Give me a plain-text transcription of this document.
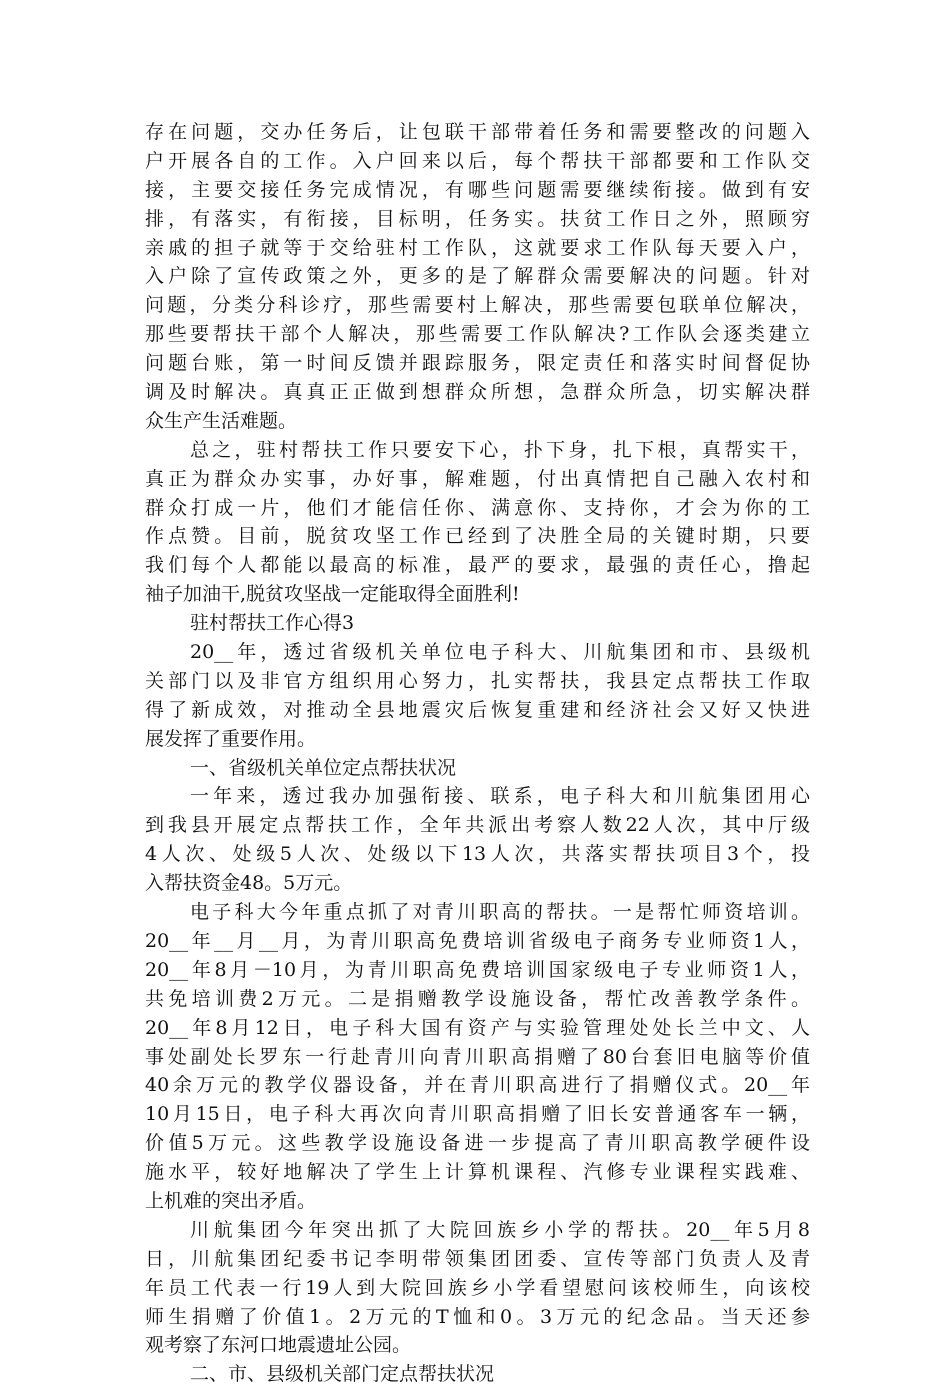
存在问题，交办任务后，让包联干部带着任务和需要整改的问题入
户开展各自的工作。入户回来以后，每个帮扶干部都要和工作队交
接，主要交接任务完成情况，有哪些问题需要继续衔接。做到有安
排，有落实，有衔接，目标明，任务实。扶贫工作日之外，照顾穷
亲戚的担子就等于交给驻村工作队，这就要求工作队每天要入户，
入户除了宣传政策之外，更多的是了解群众需要解决的问题。针对
问题，分类分科诊疗，那些需要村上解决，那些需要包联单位解决，
那些要帮扶干部个人解决，那些需要工作队解决?工作队会逐类建立
问题台账，第一时间反馈并跟踪服务，限定责任和落实时间督促协
调及时解决。真真正正做到想群众所想，急群众所急，切实解决群
众生产生活难题。
总之，驻村帮扶工作只要安下心，扑下身，扎下根，真帮实干，
真正为群众办实事，办好事，解难题，付出真情把自己融入农村和
群众打成一片，他们才能信任你、满意你、支持你，才会为你的工
作点赞。目前，脱贫攻坚工作已经到了决胜全局的关键时期，只要
我们每个人都能以最高的标准，最严的要求，最强的责任心，撸起
袖子加油干,脱贫攻坚战一定能取得全面胜利!
驻村帮扶工作心得3
20__年，透过省级机关单位电子科大、川航集团和市、县级机
关部门以及非官方组织用心努力，扎实帮扶，我县定点帮扶工作取
得了新成效，对推动全县地震灾后恢复重建和经济社会又好又快进
展发挥了重要作用。
一、省级机关单位定点帮扶状况
一年来，透过我办加强衔接、联系，电子科大和川航集团用心
到我县开展定点帮扶工作，全年共派出考察人数22人次，其中厅级
4人次、处级5人次、处级以下13人次，共落实帮扶项目3个，投
入帮扶资金48。5万元。
电子科大今年重点抓了对青川职高的帮扶。一是帮忙师资培训。
20__年__月__月，为青川职高免费培训省级电子商务专业师资1人，
20__年8月－10月，为青川职高免费培训国家级电子专业师资1人，
共免培训费2万元。二是捐赠教学设施设备，帮忙改善教学条件。
20__年8月12日，电子科大国有资产与实验管理处处长兰中文、人
事处副处长罗东一行赴青川向青川职高捐赠了80台套旧电脑等价值
40余万元的教学仪器设备，并在青川职高进行了捐赠仪式。20__年
10月15日，电子科大再次向青川职高捐赠了旧长安普通客车一辆，
价值5万元。这些教学设施设备进一步提高了青川职高教学硬件设
施水平，较好地解决了学生上计算机课程、汽修专业课程实践难、
上机难的突出矛盾。
川航集团今年突出抓了大院回族乡小学的帮扶。20__年5月8
日，川航集团纪委书记李明带领集团团委、宣传等部门负责人及青
年员工代表一行19人到大院回族乡小学看望慰问该校师生，向该校
师生捐赠了价值1。2万元的T恤和0。3万元的纪念品。当天还参
观考察了东河口地震遗址公园。
二、市、县级机关部门定点帮扶状况
